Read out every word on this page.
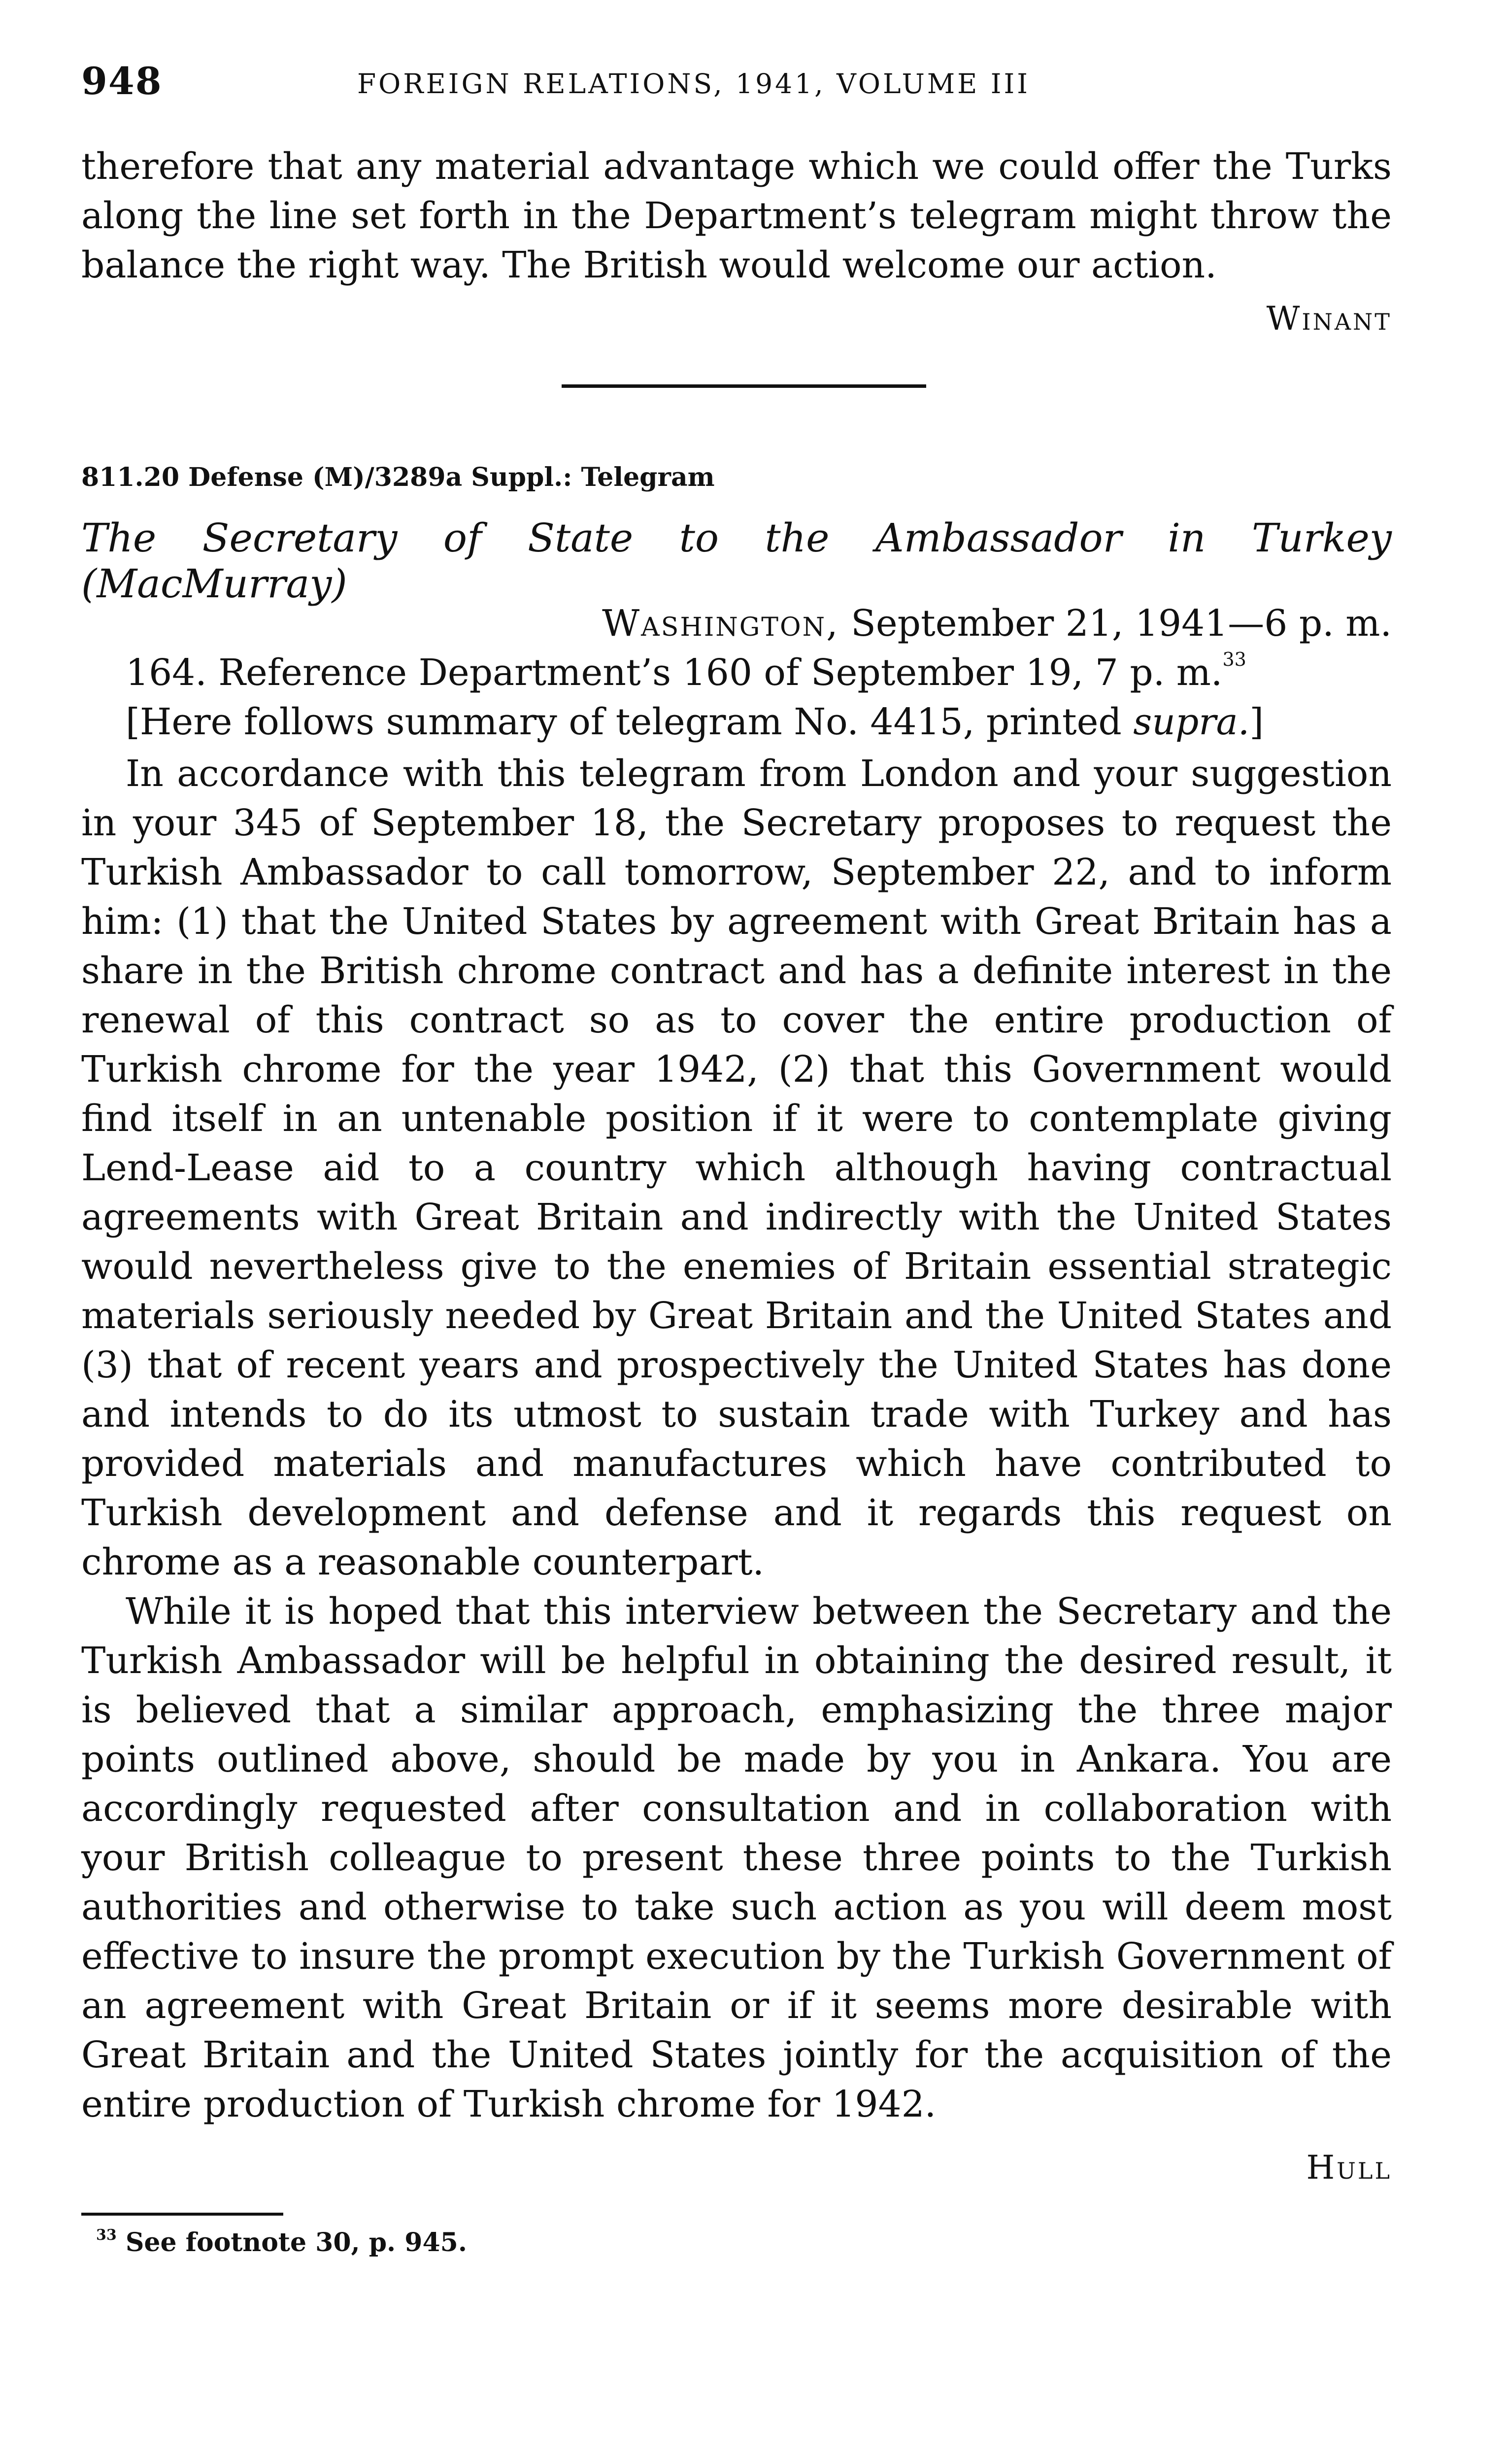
948	FOREIGN RELATIONS, 1941, VOLUME III

therefore that any material advantage which we could offer the Turks along the line set forth in the Department’s telegram might throw the balance the right way. The British would welcome our action.

Winant
811.20 Defense (M)/3289a Suppl.: Telegram
The Secretary of State to the Ambassador in Turkey (MacMurray)
Washington, September 21, 1941—6 p. m.
164. Reference Department’s 160 of September 19, 7 p. m.$^{33}$
[Here follows summary of telegram No. 4415, printed supra.]

In accordance with this telegram from London and your suggestion in your 345 of September 18, the Secretary proposes to request the Turkish Ambassador to call tomorrow, September 22, and to inform him: (1) that the United States by agreement with Great Britain has a share in the British chrome contract and has a definite interest in the renewal of this contract so as to cover the entire production of Turkish chrome for the year 1942, (2) that this Government would find itself in an untenable position if it were to contemplate giving Lend-Lease aid to a country which although having contractual agreements with Great Britain and indirectly with the United States would nevertheless give to the enemies of Britain essential strategic materials seriously needed by Great Britain and the United States and (3) that of recent years and prospectively the United States has done and intends to do its utmost to sustain trade with Turkey and has provided materials and manufactures which have contributed to Turkish development and defense and it regards this request on chrome as a reasonable counterpart.

While it is hoped that this interview between the Secretary and the Turkish Ambassador will be helpful in obtaining the desired result, it is believed that a similar approach, emphasizing the three major points outlined above, should be made by you in Ankara. You are accordingly requested after consultation and in collaboration with your British colleague to present these three points to the Turkish authorities and otherwise to take such action as you will deem most effective to insure the prompt execution by the Turkish Government of an agreement with Great Britain or if it seems more desirable with Great Britain and the United States jointly for the acquisition of the entire production of Turkish chrome for 1942.

Hull
$^{33}$ See footnote 30, p. 945.
